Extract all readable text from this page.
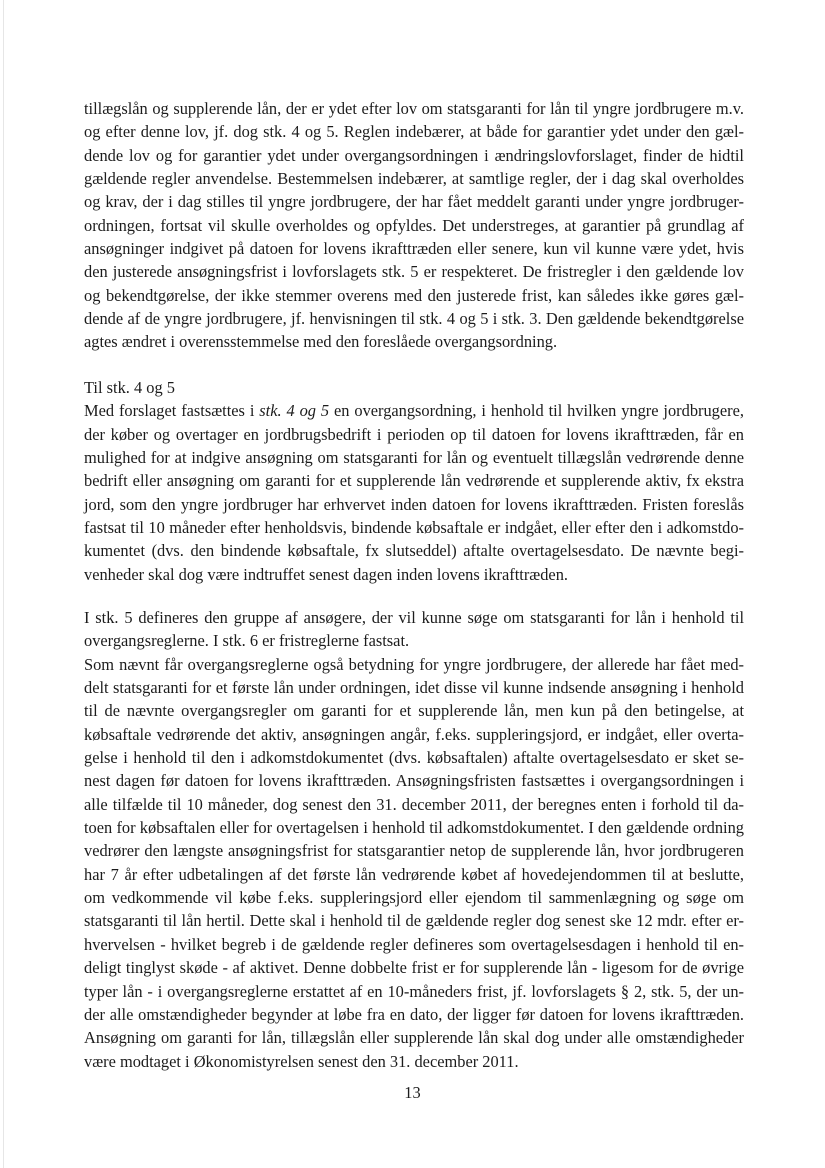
tillægslån og supplerende lån, der er ydet efter lov om statsgaranti for lån til yngre jordbrugere m.v.
og efter denne lov, jf. dog stk. 4 og 5. Reglen indebærer, at både for garantier ydet under den gæl-
dende lov og for garantier ydet under overgangsordningen i ændringslovforslaget, finder de hidtil
gældende regler anvendelse. Bestemmelsen indebærer, at samtlige regler, der i dag skal overholdes
og krav, der i dag stilles til yngre jordbrugere, der har fået meddelt garanti under yngre jordbruger-
ordningen, fortsat vil skulle overholdes og opfyldes. Det understreges, at garantier på grundlag af
ansøgninger indgivet på datoen for lovens ikrafttræden eller senere, kun vil kunne være ydet, hvis
den justerede ansøgningsfrist i lovforslagets stk. 5 er respekteret. De fristregler i den gældende lov
og bekendtgørelse, der ikke stemmer overens med den justerede frist, kan således ikke gøres gæl-
dende af de yngre jordbrugere, jf. henvisningen til stk. 4 og 5 i stk. 3. Den gældende bekendtgørelse
agtes ændret i overensstemmelse med den foreslåede overgangsordning.
Til stk. 4 og 5
Med forslaget fastsættes i stk. 4 og 5 en overgangsordning, i henhold til hvilken yngre jordbrugere,
der køber og overtager en jordbrugsbedrift i perioden op til datoen for lovens ikrafttræden, får en
mulighed for at indgive ansøgning om statsgaranti for lån og eventuelt tillægslån vedrørende denne
bedrift eller ansøgning om garanti for et supplerende lån vedrørende et supplerende aktiv, fx ekstra
jord, som den yngre jordbruger har erhvervet inden datoen for lovens ikrafttræden. Fristen foreslås
fastsat til 10 måneder efter henholdsvis, bindende købsaftale er indgået, eller efter den i adkomstdo-
kumentet (dvs. den bindende købsaftale, fx slutseddel) aftalte overtagelsesdato. De nævnte begi-
venheder skal dog være indtruffet senest dagen inden lovens ikrafttræden.
I stk. 5 defineres den gruppe af ansøgere, der vil kunne søge om statsgaranti for lån i henhold til
overgangsreglerne. I stk. 6 er fristreglerne fastsat.
Som nævnt får overgangsreglerne også betydning for yngre jordbrugere, der allerede har fået med-
delt statsgaranti for et første lån under ordningen, idet disse vil kunne indsende ansøgning i henhold
til de nævnte overgangsregler om garanti for et supplerende lån, men kun på den betingelse, at
købsaftale vedrørende det aktiv, ansøgningen angår, f.eks. suppleringsjord, er indgået, eller overta-
gelse i henhold til den i adkomstdokumentet (dvs. købsaftalen) aftalte overtagelsesdato er sket se-
nest dagen før datoen for lovens ikrafttræden. Ansøgningsfristen fastsættes i overgangsordningen i
alle tilfælde til 10 måneder, dog senest den 31. december 2011, der beregnes enten i forhold til da-
toen for købsaftalen eller for overtagelsen i henhold til adkomstdokumentet. I den gældende ordning
vedrører den længste ansøgningsfrist for statsgarantier netop de supplerende lån, hvor jordbrugeren
har 7 år efter udbetalingen af det første lån vedrørende købet af hovedejendommen til at beslutte,
om vedkommende vil købe f.eks. suppleringsjord eller ejendom til sammenlægning og søge om
statsgaranti til lån hertil. Dette skal i henhold til de gældende regler dog senest ske 12 mdr. efter er-
hvervelsen - hvilket begreb i de gældende regler defineres som overtagelsesdagen i henhold til en-
deligt tinglyst skøde - af aktivet. Denne dobbelte frist er for supplerende lån - ligesom for de øvrige
typer lån - i overgangsreglerne erstattet af en 10-måneders frist, jf. lovforslagets § 2, stk. 5, der un-
der alle omstændigheder begynder at løbe fra en dato, der ligger før datoen for lovens ikrafttræden.
Ansøgning om garanti for lån, tillægslån eller supplerende lån skal dog under alle omstændigheder
være modtaget i Økonomistyrelsen senest den 31. december 2011.
13
